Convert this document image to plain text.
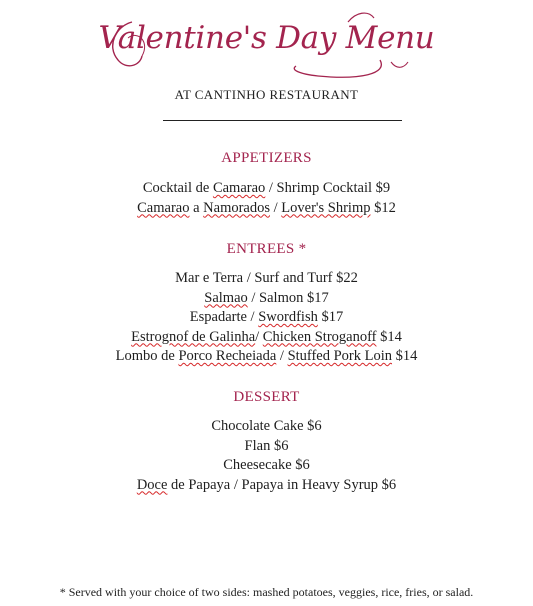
Valentine's Day Menu
AT CANTINHO RESTAURANT
APPETIZERS
Cocktail de Camarao / Shrimp Cocktail $9
Camarao a Namorados / Lover's Shrimp $12
ENTREES *
Mar e Terra / Surf and Turf $22
Salmao / Salmon $17
Espadarte / Swordfish $17
Estrognof de Galinha/ Chicken Stroganoff $14
Lombo de Porco Recheiada / Stuffed Pork Loin $14
DESSERT
Chocolate Cake $6
Flan $6
Cheesecake $6
Doce de Papaya / Papaya in Heavy Syrup $6
* Served with your choice of two sides: mashed potatoes, veggies, rice, fries, or salad.
